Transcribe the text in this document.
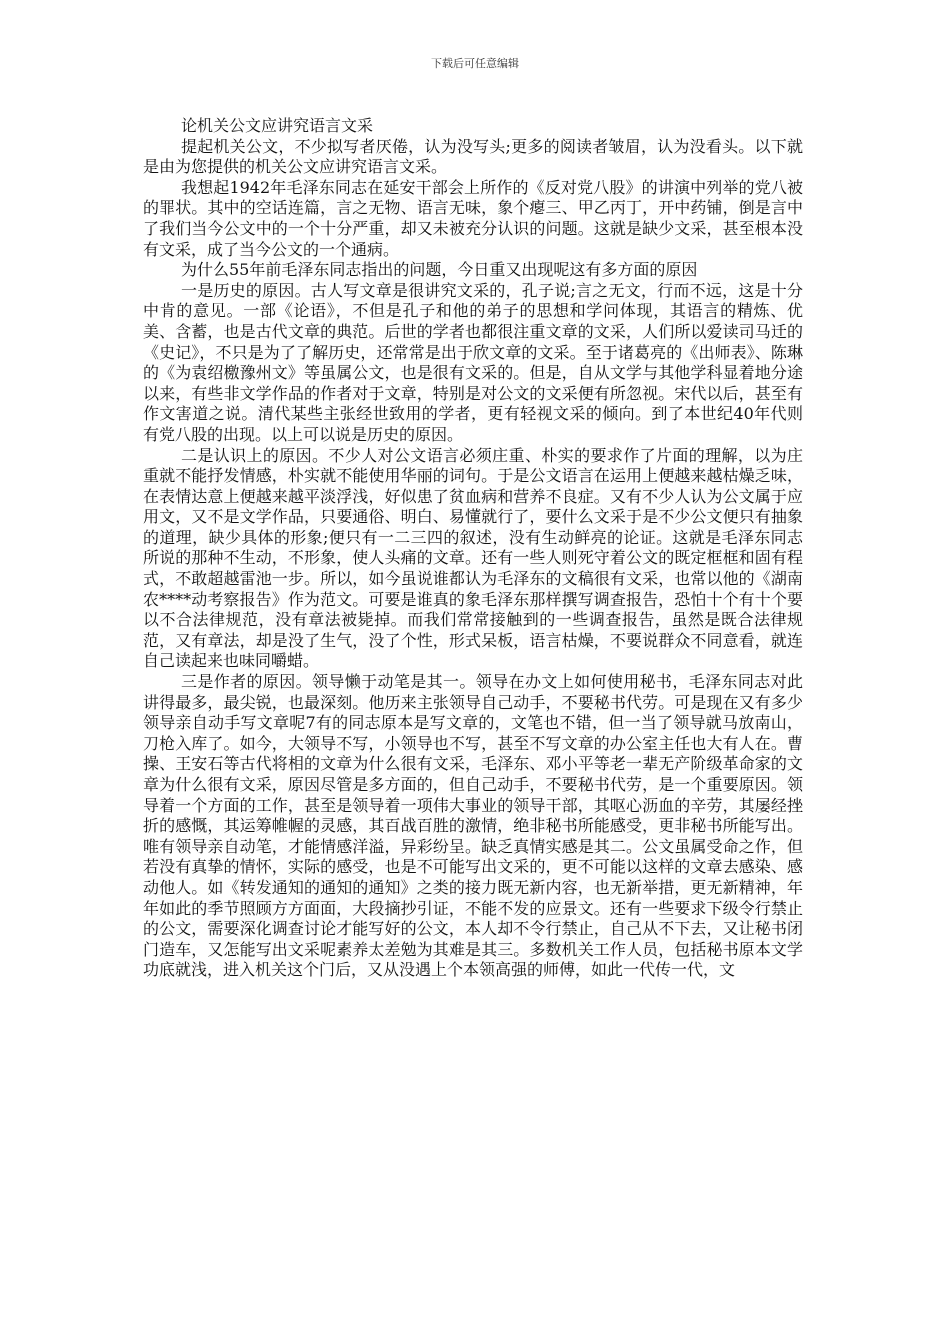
下载后可任意编辑
论机关公文应讲究语言文采

提起机关公文，不少拟写者厌倦，认为没写头;更多的阅读者皱眉，认为没看头。以下就是由为您提供的机关公文应讲究语言文采。

我想起1942年毛泽东同志在延安干部会上所作的《反对党八股》的讲演中列举的党八被的罪状。其中的空话连篇，言之无物、语言无味，象个瘪三、甲乙丙丁，开中药铺，倒是言中了我们当今公文中的一个十分严重，却又未被充分认识的问题。这就是缺少文采，甚至根本没有文采，成了当今公文的一个通病。

为什么55年前毛泽东同志指出的问题，今日重又出现呢这有多方面的原因

一是历史的原因。古人写文章是很讲究文采的，孔子说;言之无文，行而不远，这是十分中肯的意见。一部《论语》，不但是孔子和他的弟子的思想和学问体现，其语言的精炼、优美、含蓄，也是古代文章的典范。后世的学者也都很注重文章的文采，人们所以爱读司马迁的《史记》，不只是为了了解历史，还常常是出于欣文章的文采。至于诸葛亮的《出师表》、陈琳的《为袁绍檄豫州文》等虽属公文，也是很有文采的。但是，自从文学与其他学科显着地分途以来，有些非文学作品的作者对于文章，特别是对公文的文采便有所忽视。宋代以后，甚至有作文害道之说。清代某些主张经世致用的学者，更有轻视文采的倾向。到了本世纪40年代则有党八股的出现。以上可以说是历史的原因。

二是认识上的原因。不少人对公文语言必须庄重、朴实的要求作了片面的理解，以为庄重就不能抒发情感，朴实就不能使用华丽的词句。于是公文语言在运用上便越来越枯燥乏味，在表情达意上便越来越平淡浮浅，好似患了贫血病和营养不良症。又有不少人认为公文属于应用文，又不是文学作品，只要通俗、明白、易懂就行了，要什么文采于是不少公文便只有抽象的道理，缺少具体的形象;便只有一二三四的叙述，没有生动鲜亮的论证。这就是毛泽东同志所说的那种不生动，不形象，使人头痛的文章。还有一些人则死守着公文的既定框框和固有程式，不敢超越雷池一步。所以，如今虽说谁都认为毛泽东的文稿很有文采，也常以他的《湖南农****动考察报告》作为范文。可要是谁真的象毛泽东那样撰写调查报告，恐怕十个有十个要以不合法律规范，没有章法被毙掉。而我们常常接触到的一些调查报告，虽然是既合法律规范，又有章法，却是没了生气，没了个性，形式呆板，语言枯燥，不要说群众不同意看，就连自己读起来也味同嚼蜡。

三是作者的原因。领导懒于动笔是其一。领导在办文上如何使用秘书，毛泽东同志对此讲得最多，最尖锐，也最深刻。他历来主张领导自己动手，不要秘书代劳。可是现在又有多少领导亲自动手写文章呢7有的同志原本是写文章的，文笔也不错，但一当了领导就马放南山，刀枪入库了。如今，大领导不写，小领导也不写，甚至不写文章的办公室主任也大有人在。曹操、王安石等古代将相的文章为什么很有文采，毛泽东、邓小平等老一辈无产阶级革命家的文章为什么很有文采，原因尽管是多方面的，但自己动手，不要秘书代劳，是一个重要原因。领导着一个方面的工作，甚至是领导着一项伟大事业的领导干部，其呕心沥血的辛劳，其屡经挫折的感慨，其运筹帷幄的灵感，其百战百胜的激情，绝非秘书所能感受，更非秘书所能写出。唯有领导亲自动笔，才能情感洋溢，异彩纷呈。缺乏真情实感是其二。公文虽属受命之作，但若没有真挚的情怀，实际的感受，也是不可能写出文采的，更不可能以这样的文章去感染、感动他人。如《转发通知的通知的通知》之类的接力既无新内容，也无新举措，更无新精神，年年如此的季节照顾方方面面，大段摘抄引证，不能不发的应景文。还有一些要求下级令行禁止的公文，需要深化调查讨论才能写好的公文，本人却不令行禁止，自己从不下去，又让秘书闭门造车，又怎能写出文采呢素养太差勉为其难是其三。多数机关工作人员，包括秘书原本文学功底就浅，进入机关这个门后，又从没遇上个本领高强的师傅，如此一代传一代，文
